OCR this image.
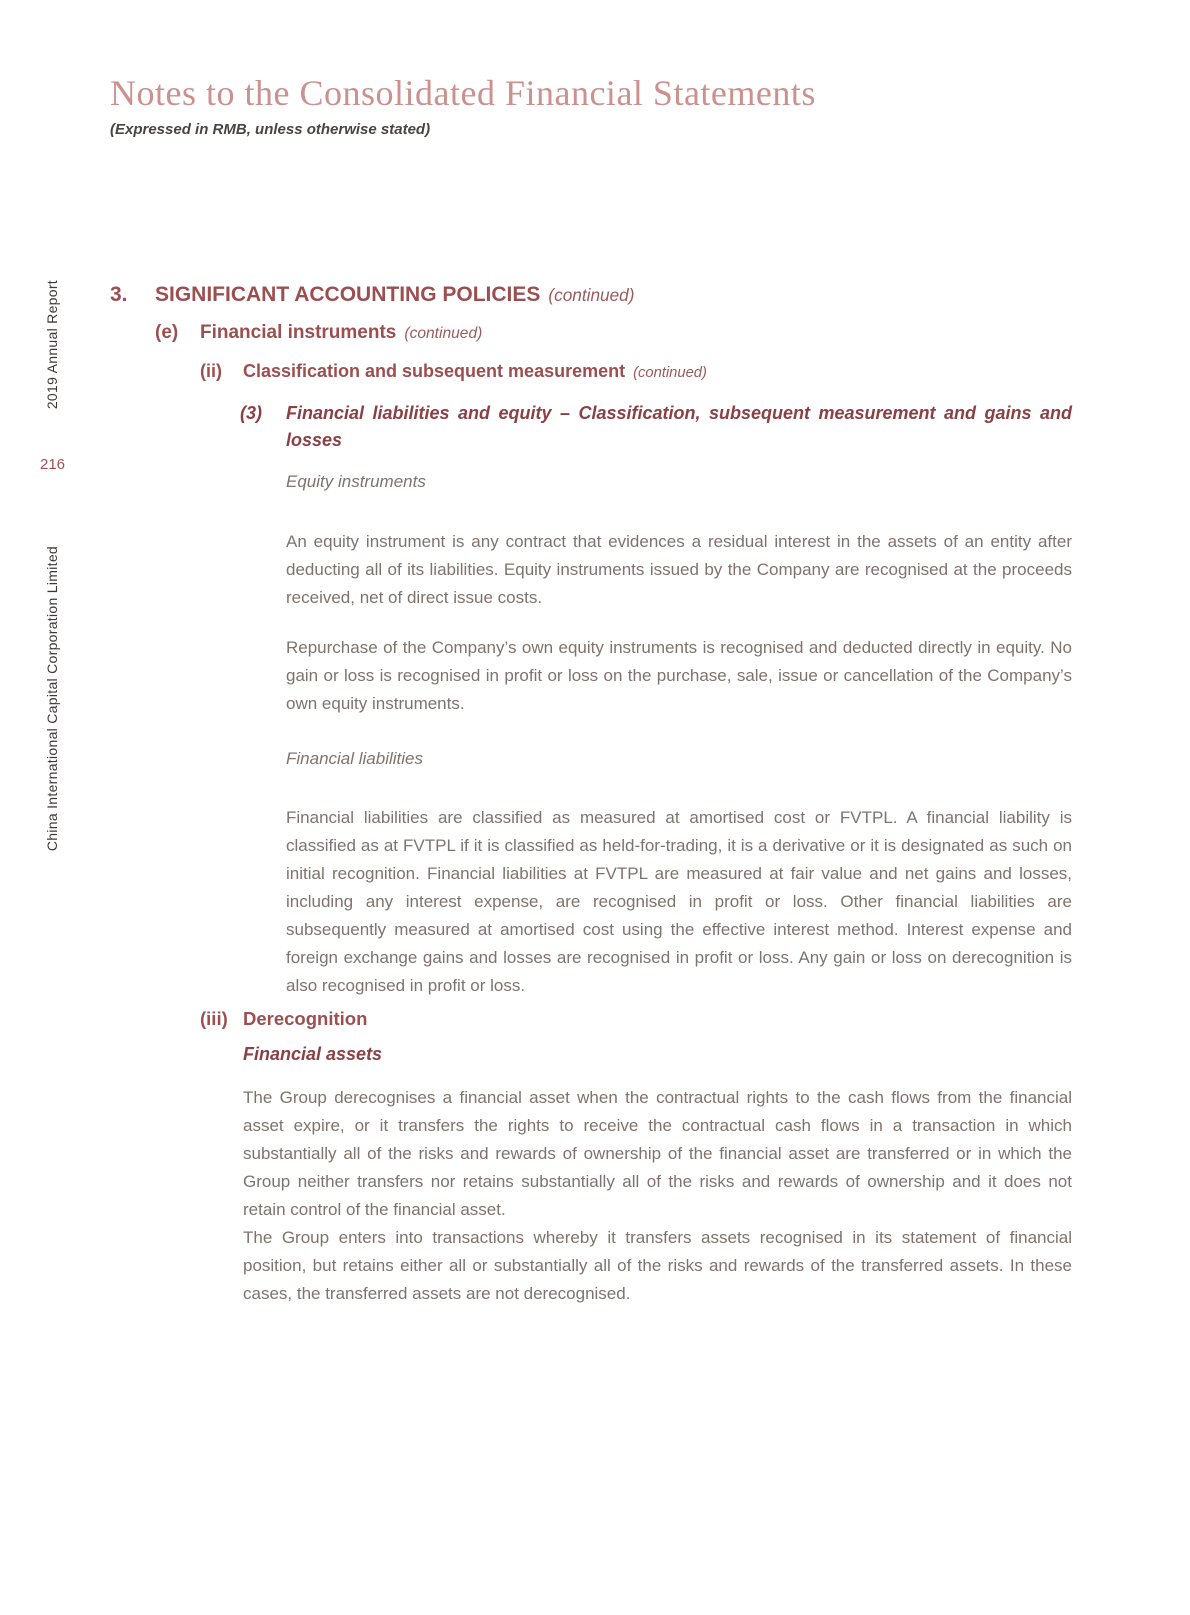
2019 Annual Report
216
China International Capital Corporation Limited
Notes to the Consolidated Financial Statements
(Expressed in RMB, unless otherwise stated)
3. SIGNIFICANT ACCOUNTING POLICIES (continued)
(e) Financial instruments (continued)
(ii) Classification and subsequent measurement (continued)
(3)	Financial liabilities and equity – Classification, subsequent measurement and gains and losses
Equity instruments
An equity instrument is any contract that evidences a residual interest in the assets of an entity after deducting all of its liabilities. Equity instruments issued by the Company are recognised at the proceeds received, net of direct issue costs.
Repurchase of the Company’s own equity instruments is recognised and deducted directly in equity. No gain or loss is recognised in profit or loss on the purchase, sale, issue or cancellation of the Company’s own equity instruments.
Financial liabilities
Financial liabilities are classified as measured at amortised cost or FVTPL. A financial liability is classified as at FVTPL if it is classified as held-for-trading, it is a derivative or it is designated as such on initial recognition. Financial liabilities at FVTPL are measured at fair value and net gains and losses, including any interest expense, are recognised in profit or loss. Other financial liabilities are subsequently measured at amortised cost using the effective interest method. Interest expense and foreign exchange gains and losses are recognised in profit or loss. Any gain or loss on derecognition is also recognised in profit or loss.
(iii) Derecognition
Financial assets
The Group derecognises a financial asset when the contractual rights to the cash flows from the financial asset expire, or it transfers the rights to receive the contractual cash flows in a transaction in which substantially all of the risks and rewards of ownership of the financial asset are transferred or in which the Group neither transfers nor retains substantially all of the risks and rewards of ownership and it does not retain control of the financial asset.
The Group enters into transactions whereby it transfers assets recognised in its statement of financial position, but retains either all or substantially all of the risks and rewards of the transferred assets. In these cases, the transferred assets are not derecognised.
